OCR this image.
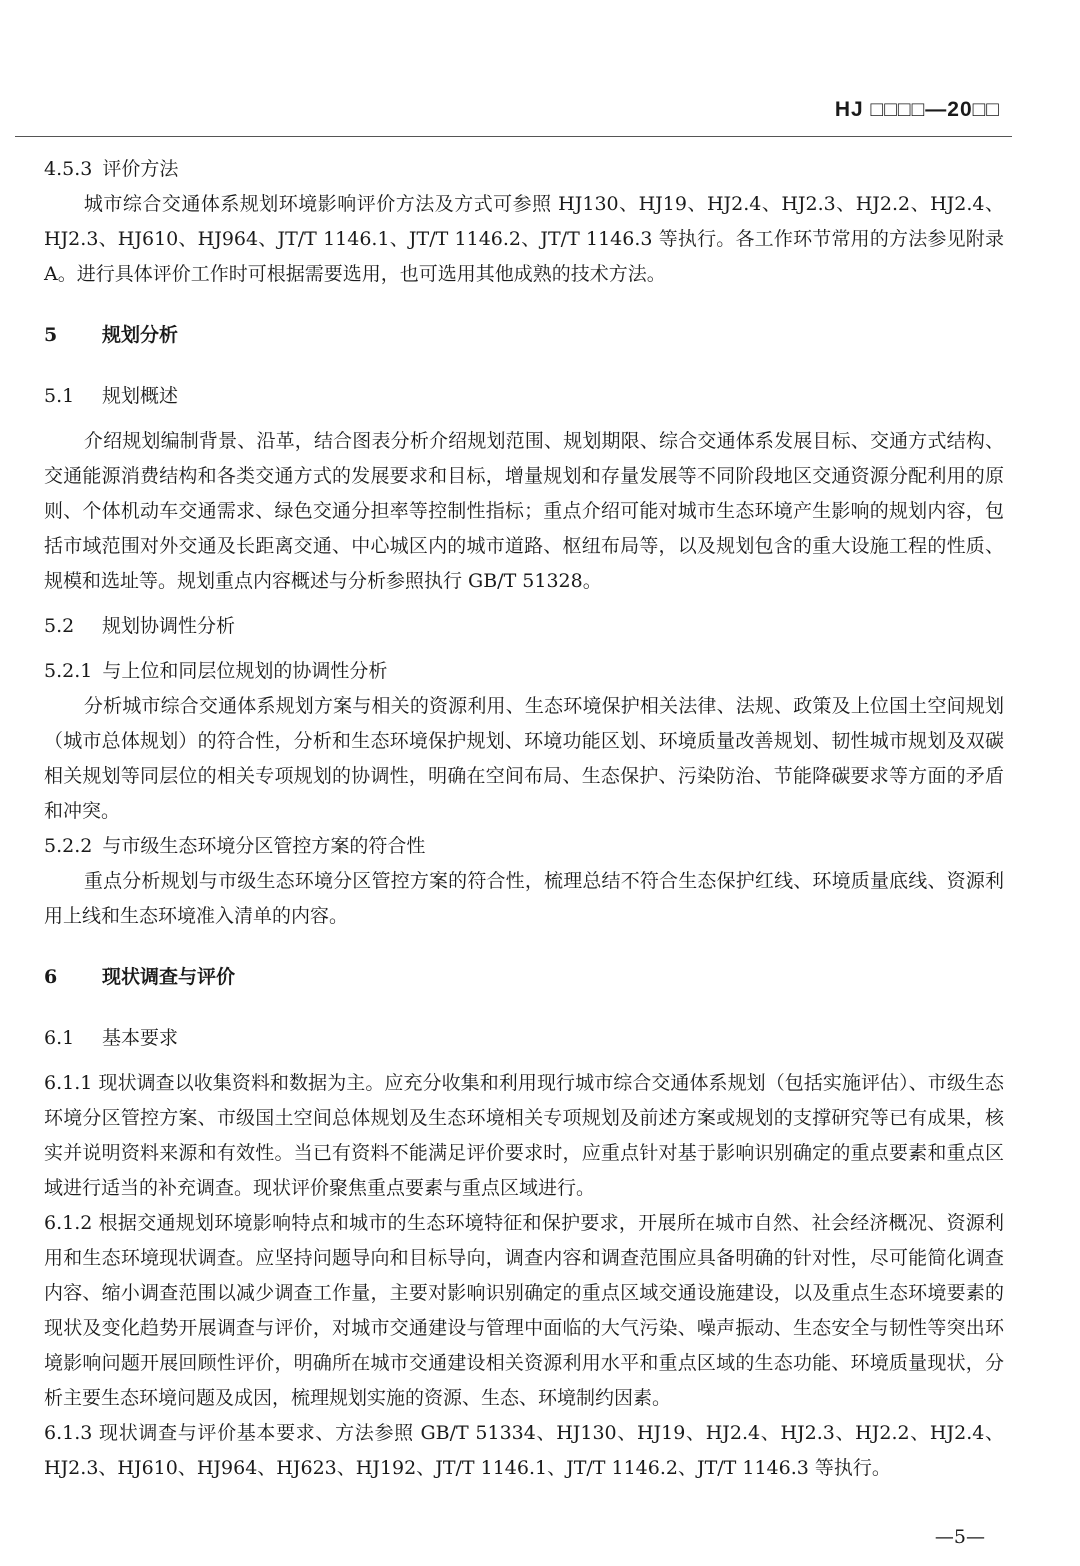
HJ □□□□—20□□

4.5.3 评价方法

城市综合交通体系规划环境影响评价方法及方式可参照 HJ130、HJ19、HJ2.4、HJ2.3、HJ2.2、HJ2.4、HJ2.3、HJ610、HJ964、JT/T 1146.1、JT/T 1146.2、JT/T 1146.3 等执行。各工作环节常用的方法参见附录 A。进行具体评价工作时可根据需要选用，也可选用其他成熟的技术方法。

5 规划分析

5.1 规划概述

介绍规划编制背景、沿革，结合图表分析介绍规划范围、规划期限、综合交通体系发展目标、交通方式结构、交通能源消费结构和各类交通方式的发展要求和目标，增量规划和存量发展等不同阶段地区交通资源分配利用的原则、个体机动车交通需求、绿色交通分担率等控制性指标；重点介绍可能对城市生态环境产生影响的规划内容，包括市域范围对外交通及长距离交通、中心城区内的城市道路、枢纽布局等，以及规划包含的重大设施工程的性质、规模和选址等。规划重点内容概述与分析参照执行 GB/T 51328。

5.2 规划协调性分析

5.2.1 与上位和同层位规划的协调性分析

分析城市综合交通体系规划方案与相关的资源利用、生态环境保护相关法律、法规、政策及上位国土空间规划（城市总体规划）的符合性，分析和生态环境保护规划、环境功能区划、环境质量改善规划、韧性城市规划及双碳相关规划等同层位的相关专项规划的协调性，明确在空间布局、生态保护、污染防治、节能降碳要求等方面的矛盾和冲突。

5.2.2 与市级生态环境分区管控方案的符合性

重点分析规划与市级生态环境分区管控方案的符合性，梳理总结不符合生态保护红线、环境质量底线、资源利用上线和生态环境准入清单的内容。

6 现状调查与评价

6.1 基本要求

6.1.1 现状调查以收集资料和数据为主。应充分收集和利用现行城市综合交通体系规划（包括实施评估）、市级生态环境分区管控方案、市级国土空间总体规划及生态环境相关专项规划及前述方案或规划的支撑研究等已有成果，核实并说明资料来源和有效性。当已有资料不能满足评价要求时，应重点针对基于影响识别确定的重点要素和重点区域进行适当的补充调查。现状评价聚焦重点要素与重点区域进行。

6.1.2 根据交通规划环境影响特点和城市的生态环境特征和保护要求，开展所在城市自然、社会经济概况、资源利用和生态环境现状调查。应坚持问题导向和目标导向，调查内容和调查范围应具备明确的针对性，尽可能简化调查内容、缩小调查范围以减少调查工作量，主要对影响识别确定的重点区域交通设施建设，以及重点生态环境要素的现状及变化趋势开展调查与评价，对城市交通建设与管理中面临的大气污染、噪声振动、生态安全与韧性等突出环境影响问题开展回顾性评价，明确所在城市交通建设相关资源利用水平和重点区域的生态功能、环境质量现状，分析主要生态环境问题及成因，梳理规划实施的资源、生态、环境制约因素。

6.1.3 现状调查与评价基本要求、方法参照 GB/T 51334、HJ130、HJ19、HJ2.4、HJ2.3、HJ2.2、HJ2.4、HJ2.3、HJ610、HJ964、HJ623、HJ192、JT/T 1146.1、JT/T 1146.2、JT/T 1146.3 等执行。

—5—
